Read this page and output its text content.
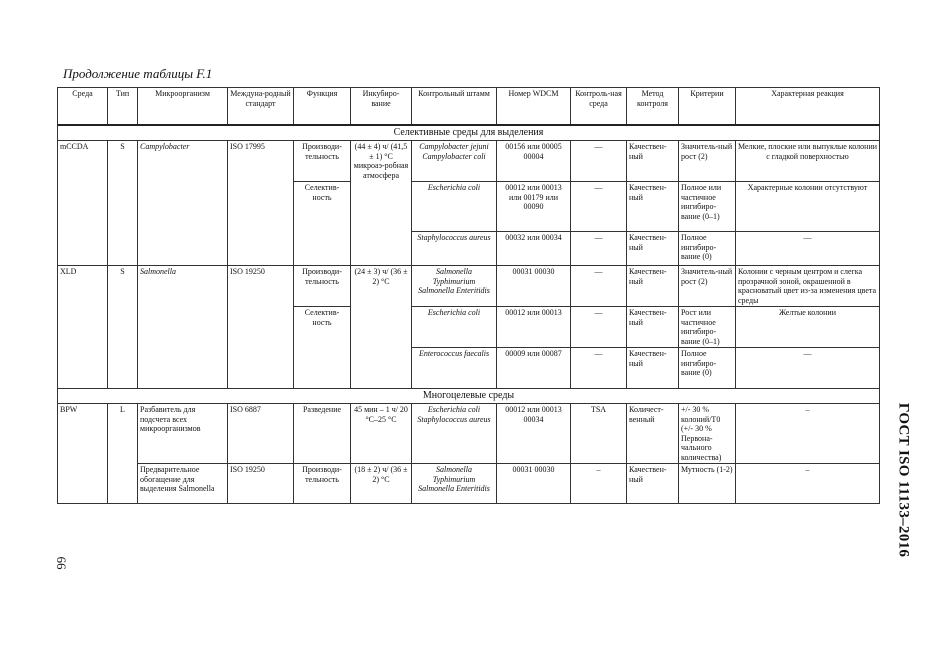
Продолжение таблицы F.1
ГОСТ ISO 11133–2016
66
Среда	Тип	Микроорганизм	Междуна-родный стандарт	Функция	Инкубиро-вание	Контрольный штамм	Номер WDCM	Контроль-ная среда	Метод контроля	Критерии	Характерная реакция
Селективные среды для выделения											
mCCDA	S	Campylobacter	ISO 17995	Производи-тельность	(44 ± 4) ч/ (41,5 ± 1) °С микроаэ-робная атмосфера	Campylobacter jejuni Campylobacter coli	00156 или 00005 00004	—	Качествен-ный	Значитель-ный рост (2)	Мелкие, плоские или выпуклые колонии с гладкой поверхностью
				Селектив-ность		Escherichia coli	00012 или 00013 или 00179 или 00090	—	Качествен-ный	Полное или частичное ингибиро-вание (0–1)	Характерные колонии отсутствуют
						Staphylococcus aureus	00032 или 00034	—	Качествен-ный	Полное ингибиро-вание (0)	—
XLD	S	Salmonella	ISO 19250	Производи-тельность	(24 ± 3) ч/ (36 ± 2) °С	Salmonella Typhimurium Salmonella Enteritidis	00031 00030	—	Качествен-ный	Значитель-ный рост (2)	Колонии с черным центром и слегка прозрачной зоной, окрашенной в красноватый цвет из-за изменения цвета среды
				Селектив-ность		Escherichia coli	00012 или 00013	—	Качествен-ный	Рост или частичное ингибиро-вание (0–1)	Желтые колонии
						Enterococcus faecalis	00009 или 00087	—	Качествен-ный	Полное ингибиро-вание (0)	—
Многоцелевые среды											
BPW	L	Разбавитель для подсчета всех микроорганизмов	ISO 6887	Разведение	45 мин – 1 ч/ 20 °С–25 °С	Escherichia coli Staphylococcus aureus	00012 или 00013 00034	TSA	Количест-венный	+/- 30 % колоний/T0 (+/- 30 % Первона-чального количества)	–
		Предварительное обогащение для выделения Salmonella	ISO 19250	Производи-тельность	(18 ± 2) ч/ (36 ± 2) °С	Salmonella Typhimurium Salmonella Enteritidis	00031 00030	–	Качествен-ный	Мутность (1-2)	–
